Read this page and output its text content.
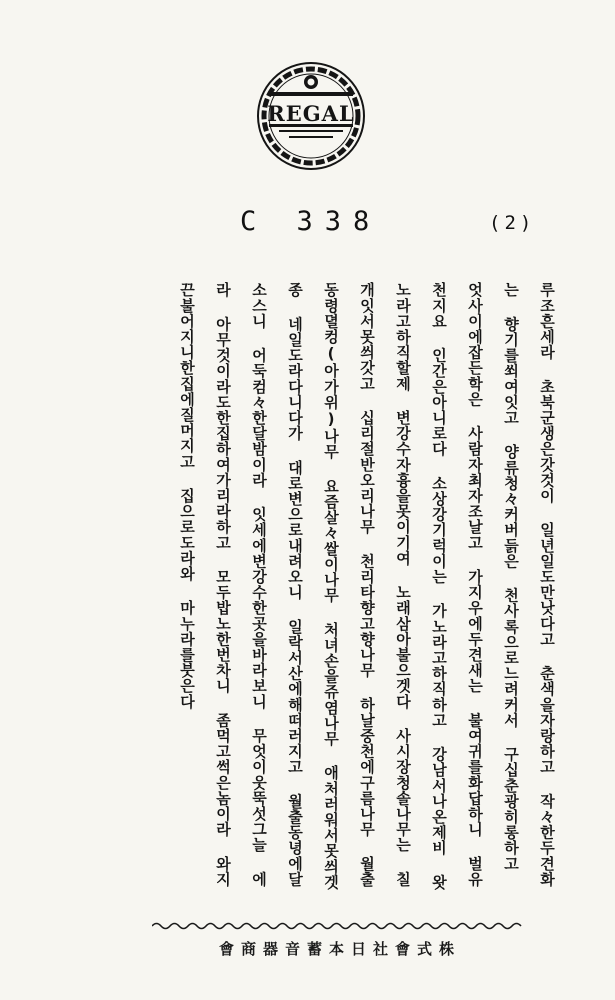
REGAL
C 338	(2)
루조흔세라 초북군생은갓것이 일년일도만낫다고 춘색을자랑하고 작々한두견화
는 향기를쐬여잇고 양류청々커버듥은 천사록으로느려커서 구십춘광히롱하고
엇사이에잡든학은 사람자최자조날고 가지우에두견새는 불여귀를화답하니 벌유
천지요 인간은아니로다 소상강기럭이는 가노라고하직하고 강남서나온제비 왓
노라고하직할제 변강수자흉을못이기여 노래삼아불으겟다 사시장청솔나무는 칠
개잇서못씌갓고 십리절반오리나무 천리타향고향나무 하날중천에구름나무 월출
동령뎔컹(아가위)나무 요즘살々쌀이나무 처녀손을쥬염나무 애처러워서못씌겟
종 네일도라다니다가 대로변으로내려오니 일락서산에해떠러지고 월출동녕에달
소스니 어둑컴々한달밤이라 잇세에변강수한곳을바라보니 무엇이웃뚝섯그늘 에
라 아무것이라도한집하여가리라하고 모두밥노한번차니 좀먹고썩은놈이라 와지
끈불어지니한집에질머지고 집으로도라와 마누라를붓은다
株式會社日本蓄音器商會
